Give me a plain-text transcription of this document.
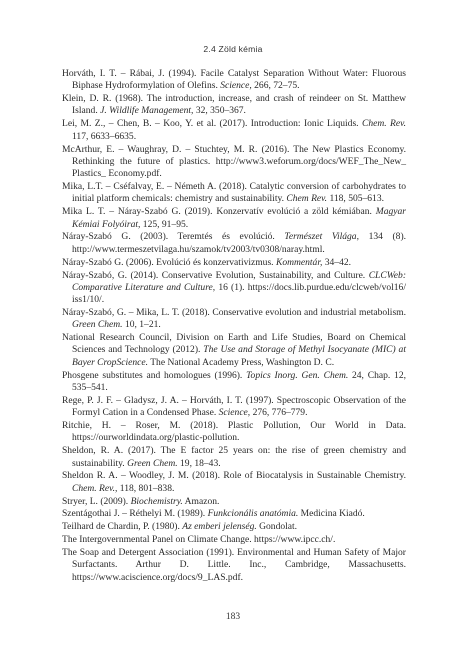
2.4 Zöld kémia
Horváth, I. T. – Rábai, J. (1994). Facile Catalyst Separation Without Water: Fluorous Biphase Hydroformylation of Olefins. Science, 266, 72–75.
Klein, D. R. (1968). The introduction, increase, and crash of reindeer on St. Matthew Island. J. Wildlife Management, 32, 350–367.
Lei, M. Z., – Chen, B. – Koo, Y. et al. (2017). Introduction: Ionic Liquids. Chem. Rev. 117, 6633–6635.
McArthur, E. – Waughray, D. – Stuchtey, M. R. (2016). The New Plastics Economy. Rethinking the future of plastics. http://www3.weforum.org/docs/WEF_The_New_ Plastics_ Economy.pdf.
Mika, L.T. – Cséfalvay, E. – Németh A. (2018). Catalytic conversion of carbohydrates to initial platform chemicals: chemistry and sustainability. Chem Rev. 118, 505–613.
Mika L. T. – Náray-Szabó G. (2019). Konzervatív evolúció a zöld kémiában. Magyar Kémiai Folyóirat, 125, 91–95.
Náray-Szabó G. (2003). Teremtés és evolúció. Természet Világa, 134 (8). http://www.termeszetvilaga.hu/szamok/tv2003/tv0308/naray.html.
Náray-Szabó G. (2006). Evolúció és konzervativizmus. Kommentár, 34–42.
Náray-Szabó, G. (2014). Conservative Evolution, Sustainability, and Culture. CLCWeb: Comparative Literature and Culture, 16 (1). https://docs.lib.purdue.edu/clcweb/vol16/ iss1/10/.
Náray-Szabó, G. – Mika, L. T. (2018). Conservative evolution and industrial metabolism. Green Chem. 10, 1–21.
National Research Council, Division on Earth and Life Studies, Board on Chemical Sciences and Technology (2012). The Use and Storage of Methyl Isocyanate (MIC) at Bayer CropScience. The National Academy Press, Washington D. C.
Phosgene substitutes and homologues (1996). Topics Inorg. Gen. Chem. 24, Chap. 12, 535–541.
Rege, P. J. F. – Gladysz, J. A. – Horváth, I. T. (1997). Spectroscopic Observation of the Formyl Cation in a Condensed Phase. Science, 276, 776–779.
Ritchie, H. – Roser, M. (2018). Plastic Pollution, Our World in Data. https://ourworldindata.org/plastic-pollution.
Sheldon, R. A. (2017). The E factor 25 years on: the rise of green chemistry and sustainability. Green Chem. 19, 18–43.
Sheldon R. A. – Woodley, J. M. (2018). Role of Biocatalysis in Sustainable Chemistry. Chem. Rev., 118, 801–838.
Stryer, L. (2009). Biochemistry. Amazon.
Szentágothai J. – Réthelyi M. (1989). Funkcionális anatómia. Medicina Kiadó.
Teilhard de Chardin, P. (1980). Az emberi jelenség. Gondolat.
The Intergovernmental Panel on Climate Change. https://www.ipcc.ch/.
The Soap and Detergent Association (1991). Environmental and Human Safety of Major Surfactants. Arthur D. Little. Inc., Cambridge, Massachusetts. https://www.aciscience.org/docs/9_LAS.pdf.
183
